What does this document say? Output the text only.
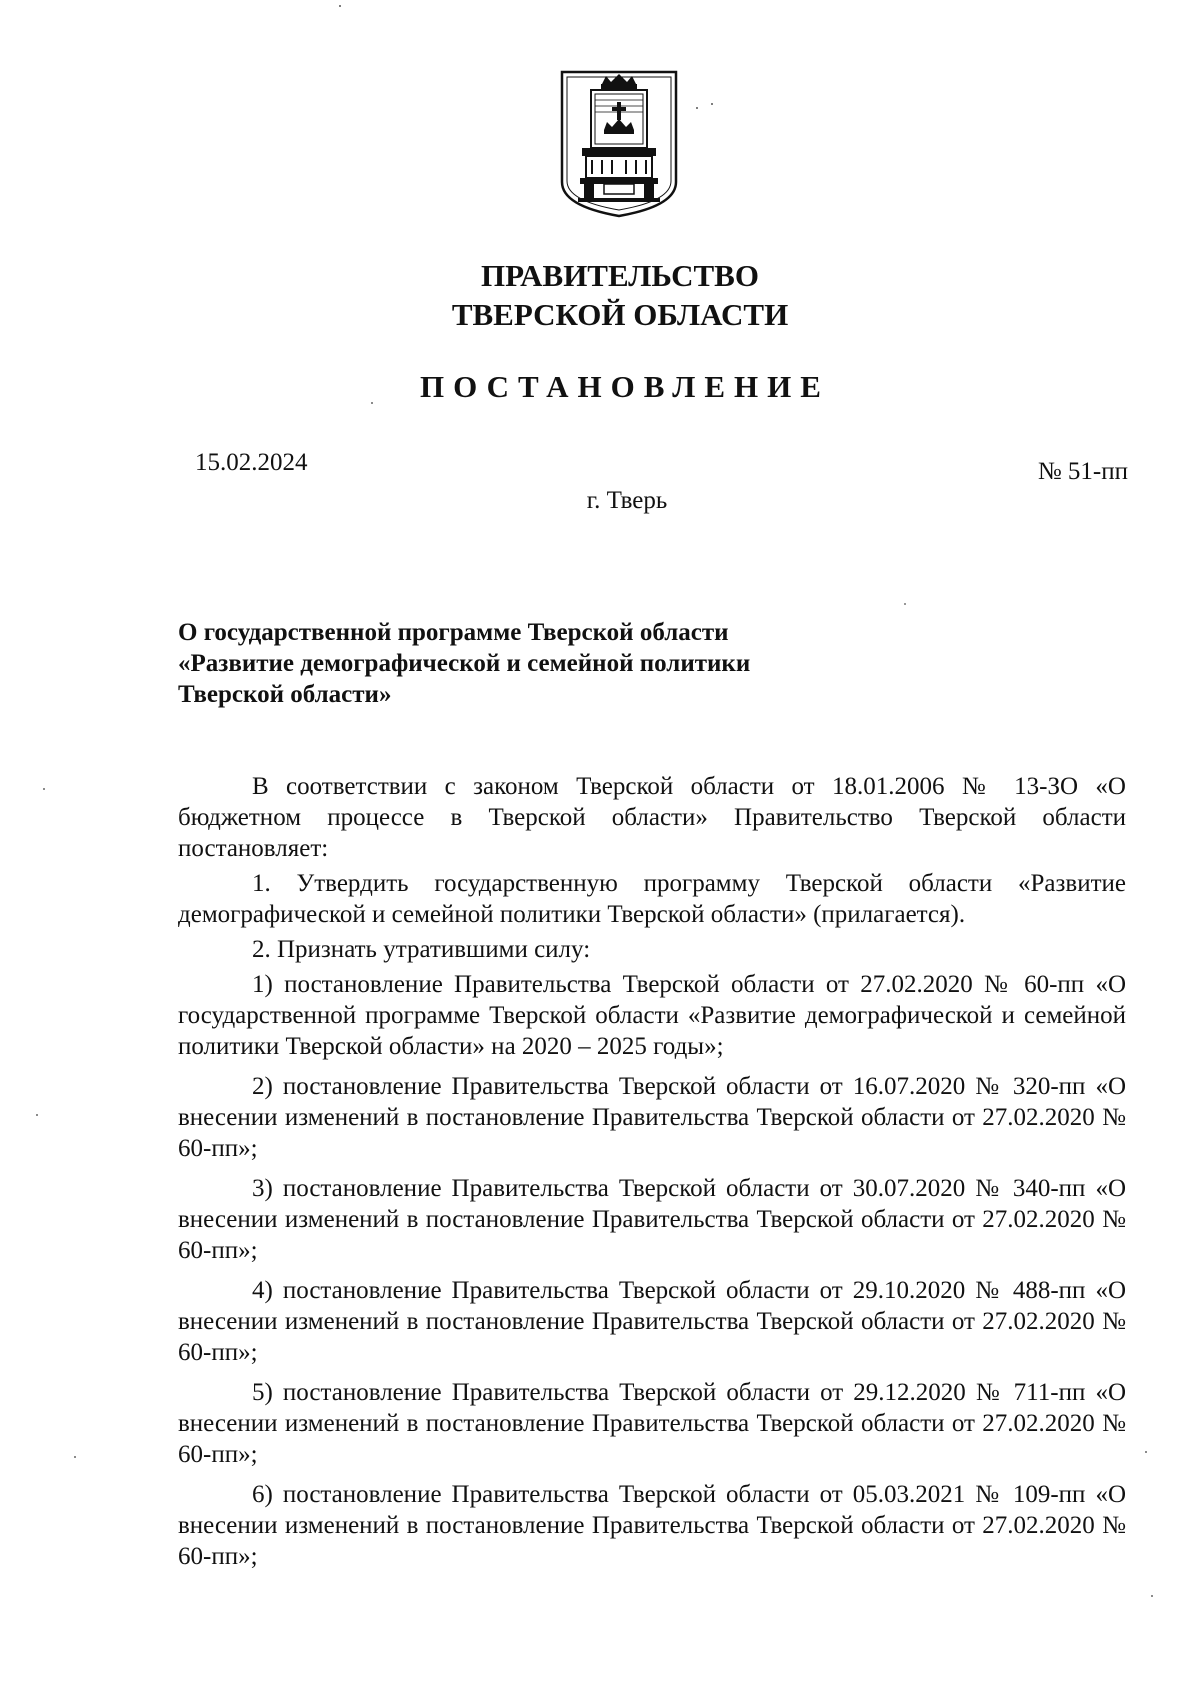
ПРАВИТЕЛЬСТВО
ТВЕРСКОЙ ОБЛАСТИ
ПОСТАНОВЛЕНИЕ
15.02.2024	№ 51-пп
г. Тверь
О государственной программе Тверской области
«Развитие демографической и семейной политики
Тверской области»

В соответствии с законом Тверской области от 18.01.2006 № 13-ЗО «О бюджетном процессе в Тверской области» Правительство Тверской области постановляет:

1. Утвердить государственную программу Тверской области «Развитие демографической и семейной политики Тверской области» (прилагается).

2. Признать утратившими силу:

1) постановление Правительства Тверской области от 27.02.2020 № 60-пп «О государственной программе Тверской области «Развитие демографической и семейной политики Тверской области» на 2020 – 2025 годы»;

2) постановление Правительства Тверской области от 16.07.2020 № 320-пп «О внесении изменений в постановление Правительства Тверской области от 27.02.2020 № 60-пп»;

3) постановление Правительства Тверской области от 30.07.2020 № 340-пп «О внесении изменений в постановление Правительства Тверской области от 27.02.2020 № 60-пп»;

4) постановление Правительства Тверской области от 29.10.2020 № 488-пп «О внесении изменений в постановление Правительства Тверской области от 27.02.2020 № 60-пп»;

5) постановление Правительства Тверской области от 29.12.2020 № 711-пп «О внесении изменений в постановление Правительства Тверской области от 27.02.2020 № 60-пп»;

6) постановление Правительства Тверской области от 05.03.2021 № 109-пп «О внесении изменений в постановление Правительства Тверской области от 27.02.2020 № 60-пп»;
